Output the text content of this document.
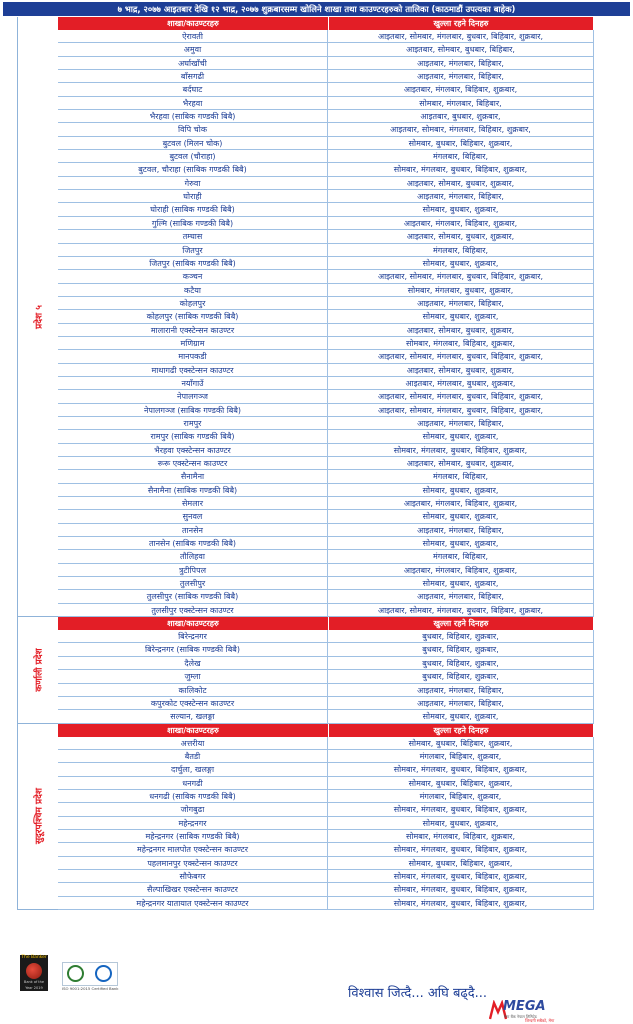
७ भाद्र, २०७७ आइतबार देखि १२ भाद्र, २०७७ शुक्रबारसम्म खोलिने शाखा तथा काउण्टरहरुको तालिका (काठमाडौं उपत्यका बाहेक)
प्रदेश ५
शाखा/काउण्टरहरु	खुल्ला रहने दिनहरु
ऐरावती	आइतबार, सोमबार, मंगलबार, बुधबार, बिहिबार, शुक्रबार,
अमुवा	आइतबार, सोमबार, बुधबार, बिहिबार,
अर्घाखाँची	आइतबार, मंगलबार, बिहिबार,
बाँसगढी	आइतबार, मंगलबार, बिहिबार,
बर्दघाट	आइतबार, मंगलबार, बिहिबार, शुक्रबार,
भैरहवा	सोमबार, मंगलबार, बिहिबार,
भैरहवा (साबिक गण्डकी बिबै)	आइतबार, बुधबार, शुक्रबार,
विपि चोक	आइतबार, सोमबार, मंगलबार, बिहिबार, शुक्रबार,
बुटवल (मिलन चोक)	सोमबार, बुधबार, बिहिबार, शुक्रबार,
बुटवल (चौराहा)	मंगलबार, बिहिबार,
बुटवल, चौराहा (साबिक गण्डकी बिबै)	सोमबार, मंगलबार, बुधबार, बिहिबार, शुक्रबार,
गेरुवा	आइतबार, सोमबार, बुधबार, शुक्रबार,
घोराही	आइतबार, मंगलबार, बिहिबार,
घोराही (साबिक गण्डकी बिबै)	सोमबार, बुधबार, शुक्रबार,
गुल्मि (साबिक गण्डकी बिबै)	आइतबार, मंगलबार, बिहिबार, शुक्रबार,
तम्घास	आइतबार, सोमबार, बुधबार, शुक्रबार,
जितपुर	मंगलबार, बिहिबार,
जितपुर (साबिक गण्डकी बिबै)	सोमबार, बुधबार, शुक्रबार,
कञ्चन	आइतबार, सोमबार, मंगलबार, बुधबार, बिहिबार, शुक्रबार,
कटैया	सोमबार, मंगलबार, बुधबार, शुक्रबार,
कोहलपुर	आइतबार, मंगलबार, बिहिबार,
कोहलपुर (साबिक गण्डकी बिबै)	सोमबार, बुधबार, शुक्रबार,
मालारानी एक्स्टेन्सन काउण्टर	आइतबार, सोमबार, बुधबार, शुक्रबार,
मणिग्राम	सोमबार, मंगलबार, बिहिबार, शुक्रबार,
मानपकडी	आइतबार, सोमबार, मंगलबार, बुधबार, बिहिबार, शुक्रबार,
माथागढी एक्स्टेन्सन काउण्टर	आइतबार, सोमबार, बुधबार, शुक्रबार,
नयाँगाउँ	आइतबार, मंगलबार, बुधबार, शुक्रबार,
नेपालगञ्ज	आइतबार, सोमबार, मंगलबार, बुधबार, बिहिबार, शुक्रबार,
नेपालगञ्ज (साबिक गण्डकी बिबै)	आइतबार, सोमबार, मंगलबार, बुधबार, बिहिबार, शुक्रबार,
रामपुर	आइतबार, मंगलबार, बिहिबार,
रामपुर (साबिक गण्डकी बिबै)	सोमबार, बुधबार, शुक्रबार,
भैरहवा एक्स्टेन्सन काउण्टर	सोमबार, मंगलबार, बुधबार, बिहिबार, शुक्रबार,
रूरू एक्स्टेन्सन काउण्टर	आइतबार, सोमबार, बुधबार, शुक्रबार,
सैनामैना	मंगलबार, बिहिबार,
सैनामैना (साबिक गण्डकी बिबै)	सोमबार, बुधबार, शुक्रबार,
सेमलार	आइतबार, मंगलबार, बिहिबार, शुक्रबार,
सुनवल	सोमबार, बुधबार, शुक्रबार,
तानसेन	आइतबार, मंगलबार, बिहिबार,
तानसेन (साबिक गण्डकी बिबै)	सोमबार, बुधबार, शुक्रबार,
तौलिहवा	मंगलबार, बिहिबार,
त्रुटीपिपल	आइतबार, मंगलबार, बिहिबार, शुक्रबार,
तुलसीपुर	सोमबार, बुधबार, शुक्रबार,
तुलसीपुर (साबिक गण्डकी बिबै)	आइतबार, मंगलबार, बिहिबार,
तुलसीपुर एक्स्टेन्सन काउण्टर	आइतबार, सोमबार, मंगलबार, बुधबार, बिहिबार, शुक्रबार,
कर्णाली प्रदेश
शाखा/काउण्टरहरु	खुल्ला रहने दिनहरु
बिरेन्द्रनगर	बुधबार, बिहिबार, शुक्रबार,
बिरेन्द्रनगर (साबिक गण्डकी बिबै)	बुधबार, बिहिबार, शुक्रबार,
दैलेख	बुधबार, बिहिबार, शुक्रबार,
जुम्ला	बुधबार, बिहिबार, शुक्रबार,
कालिकोट	आइतबार, मंगलबार, बिहिबार,
कपुरकोट एक्स्टेन्सन काउण्टर	आइतबार, मंगलबार, बिहिबार,
सल्यान, खलङ्गा	सोमबार, बुधबार, शुक्रबार,
सुदूरपश्चिम प्रदेश
शाखा/काउण्टरहरु	खुल्ला रहने दिनहरु
अत्तरीया	सोमबार, बुधबार, बिहिबार, शुक्रबार,
बैतडी	मंगलबार, बिहिबार, शुक्रबार,
दार्चुला, खलङ्गा	सोमबार, मंगलबार, बुधबार, बिहिबार, शुक्रबार,
धनगढी	सोमबार, बुधबार, बिहिबार, शुक्रबार,
धनगढी (साबिक गण्डकी बिबै)	मंगलबार, बिहिबार, शुक्रबार,
जोगबुढा	सोमबार, मंगलबार, बुधबार, बिहिबार, शुक्रबार,
महेन्द्रनगर	सोमबार, बुधबार, शुक्रबार,
महेन्द्रनगर (साबिक गण्डकी बिबै)	सोमबार, मंगलबार, बिहिबार, शुक्रबार,
महेन्द्रनगर मालपोत एक्स्टेन्सन काउण्टर	सोमबार, मंगलबार, बुधबार, बिहिबार, शुक्रबार,
पहलमानपुर एक्स्टेन्सन काउण्टर	सोमबार, बुधबार, बिहिबार, शुक्रबार,
सौफेबगर	सोमबार, मंगलबार, बुधबार, बिहिबार, शुक्रबार,
सैल्पाखिखर एक्स्टेन्सन काउण्टर	सोमबार, मंगलबार, बुधबार, बिहिबार, शुक्रबार,
महेन्द्रनगर यातायात एक्स्टेन्सन काउण्टर	सोमबार, मंगलबार, बुधबार, बिहिबार, शुक्रबार,
The Banker
Bank of the Year 2019	ISO 9001:2015 Certified Bank	विश्वास जित्दै... अघि बढ्दै...
MEGA
मेगा बैंक नेपाल लिमिटेड
जिन्दगी सबैको, मेगा
